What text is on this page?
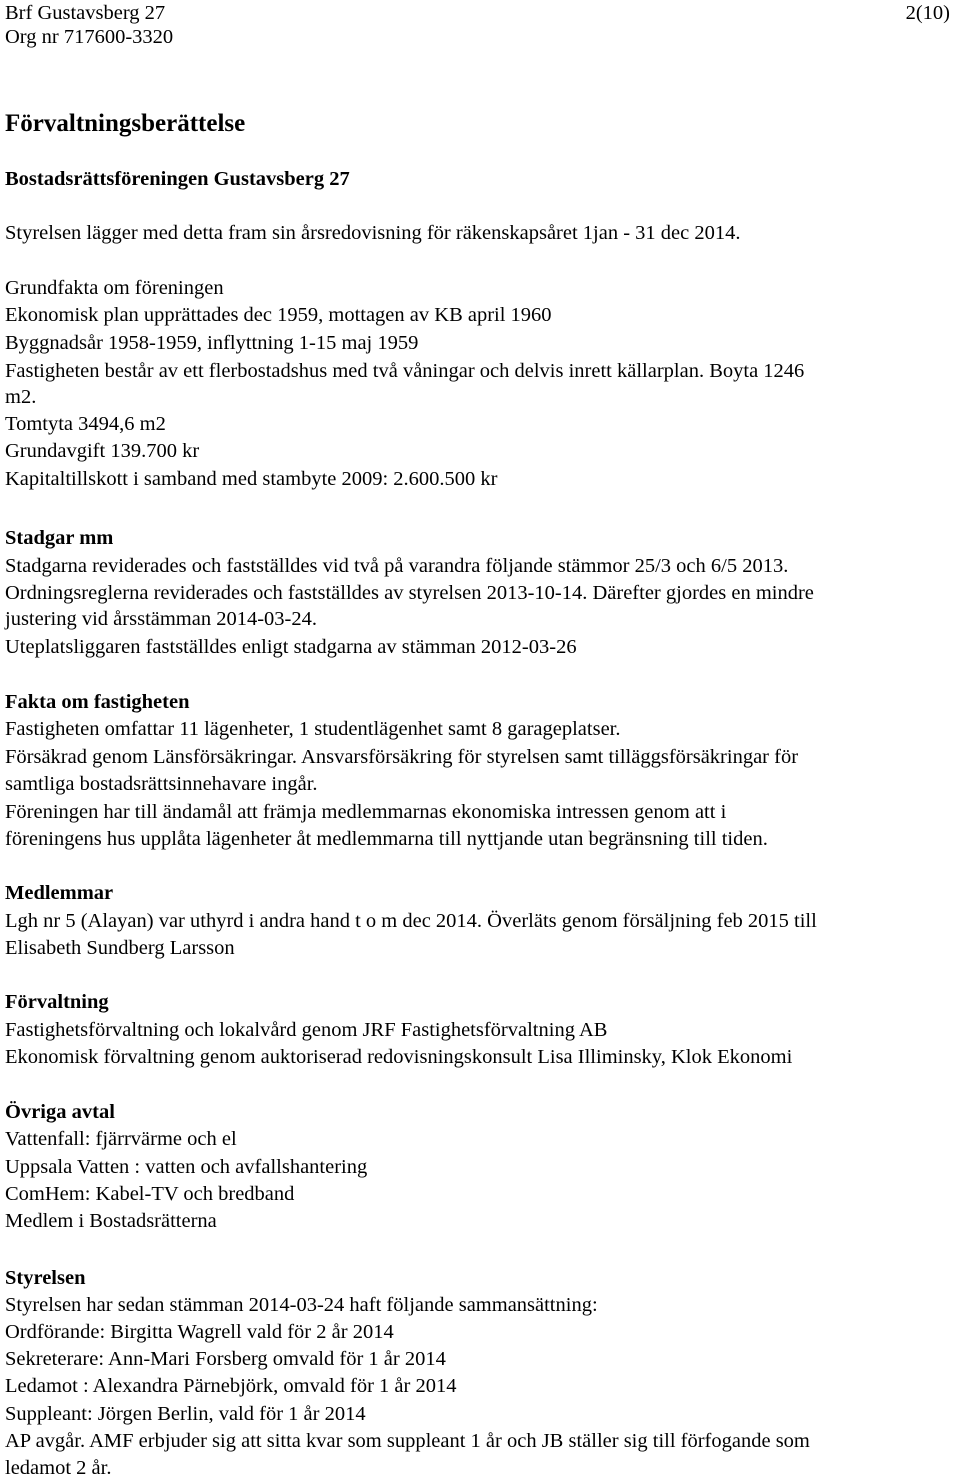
Brf Gustavsberg 27
Org nr 717600-3320
2(10)
Förvaltningsberättelse
Bostadsrättsföreningen Gustavsberg 27
Styrelsen lägger med detta fram sin årsredovisning för räkenskapsåret 1jan - 31 dec 2014.
Grundfakta om föreningen
Ekonomisk plan upprättades dec 1959, mottagen av KB april 1960
Byggnadsår 1958-1959, inflyttning 1-15 maj 1959
Fastigheten består av ett flerbostadshus med två våningar och delvis inrett källarplan. Boyta 1246
m2.
Tomtyta 3494,6 m2
Grundavgift 139.700 kr
Kapitaltillskott i samband med stambyte 2009: 2.600.500 kr
Stadgar mm
Stadgarna reviderades och fastställdes vid två på varandra följande stämmor 25/3 och 6/5 2013.
Ordningsreglerna reviderades och fastställdes av styrelsen 2013-10-14. Därefter gjordes en mindre
justering vid årsstämman 2014-03-24.
Uteplatsliggaren fastställdes enligt stadgarna av stämman 2012-03-26
Fakta om fastigheten
Fastigheten omfattar 11 lägenheter, 1 studentlägenhet samt 8 garageplatser.
Försäkrad genom Länsförsäkringar. Ansvarsförsäkring för styrelsen samt tilläggsförsäkringar för
samtliga bostadsrättsinnehavare ingår.
Föreningen har till ändamål att främja medlemmarnas ekonomiska intressen genom att i
föreningens hus upplåta lägenheter åt medlemmarna till nyttjande utan begränsning till tiden.
Medlemmar
Lgh nr 5 (Alayan) var uthyrd i andra hand t o m dec 2014. Överläts genom försäljning feb 2015 till
Elisabeth Sundberg Larsson
Förvaltning
Fastighetsförvaltning och lokalvård genom JRF Fastighetsförvaltning AB
Ekonomisk förvaltning genom auktoriserad redovisningskonsult Lisa Illiminsky, Klok Ekonomi
Övriga avtal
Vattenfall: fjärrvärme och el
Uppsala Vatten : vatten och avfallshantering
ComHem: Kabel-TV och bredband
Medlem i Bostadsrätterna
Styrelsen
Styrelsen har sedan stämman 2014-03-24 haft följande sammansättning:
Ordförande: Birgitta Wagrell vald för 2 år 2014
Sekreterare: Ann-Mari Forsberg omvald för 1 år 2014
Ledamot : Alexandra Pärnebjörk, omvald för 1 år 2014
Suppleant: Jörgen Berlin, vald för 1 år 2014
AP avgår. AMF erbjuder sig att sitta kvar som suppleant 1 år och JB ställer sig till förfogande som
ledamot 2 år.
